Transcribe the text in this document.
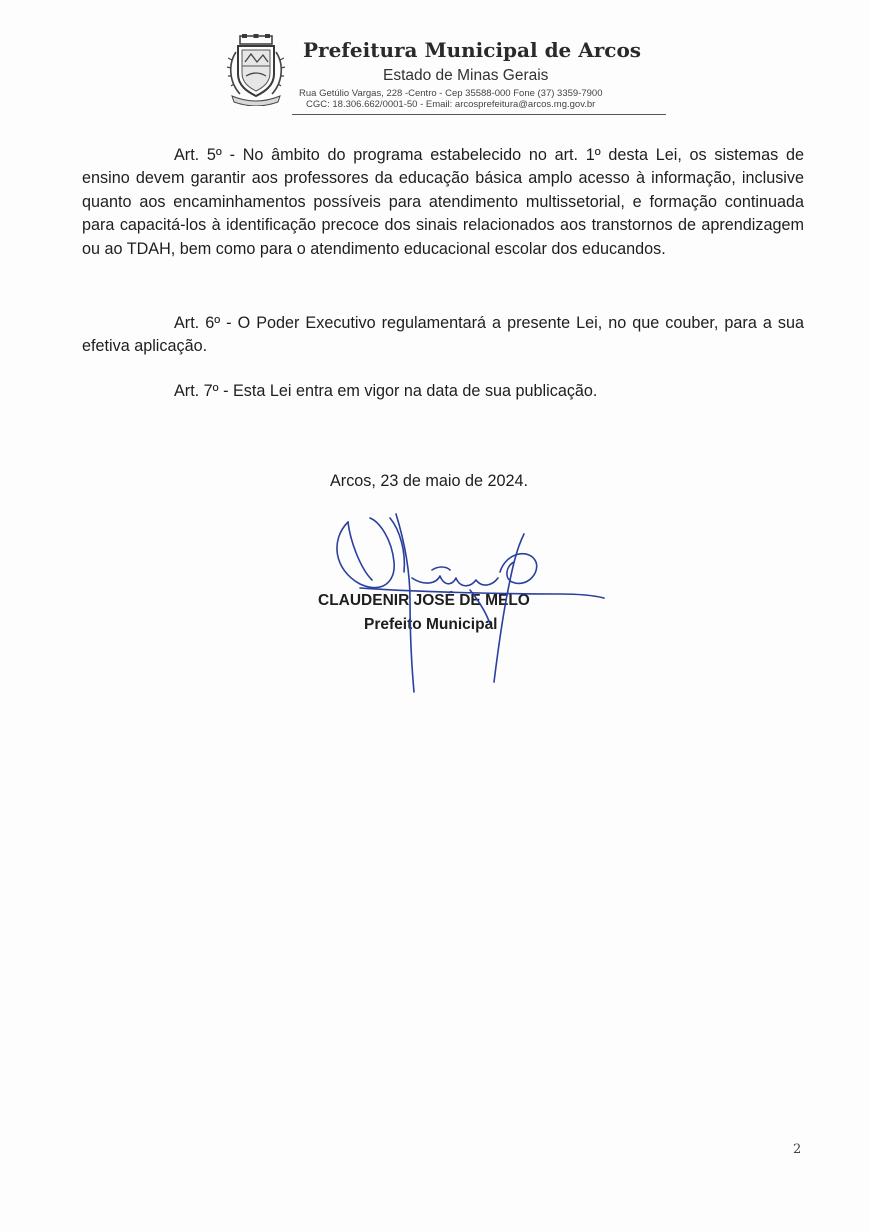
Prefeitura Municipal de Arcos
Estado de Minas Gerais
Rua Getúlio Vargas, 228 -Centro - Cep 35588-000 Fone (37) 3359-7900
CGC: 18.306.662/0001-50 - Email: arcosprefeitura@arcos.mg.gov.br

Art. 5º - No âmbito do programa estabelecido no art. 1º desta Lei, os sistemas de ensino devem garantir aos professores da educação básica amplo acesso à informação, inclusive quanto aos encaminhamentos possíveis para atendimento multissetorial, e formação continuada para capacitá-los à identificação precoce dos sinais relacionados aos transtornos de aprendizagem ou ao TDAH, bem como para o atendimento educacional escolar dos educandos.

Art. 6º - O Poder Executivo regulamentará a presente Lei, no que couber, para a sua efetiva aplicação.

Art. 7º - Esta Lei entra em vigor na data de sua publicação.

Arcos, 23 de maio de 2024.
CLAUDENIR JOSÉ DE MELO
Prefeito Municipal
2
